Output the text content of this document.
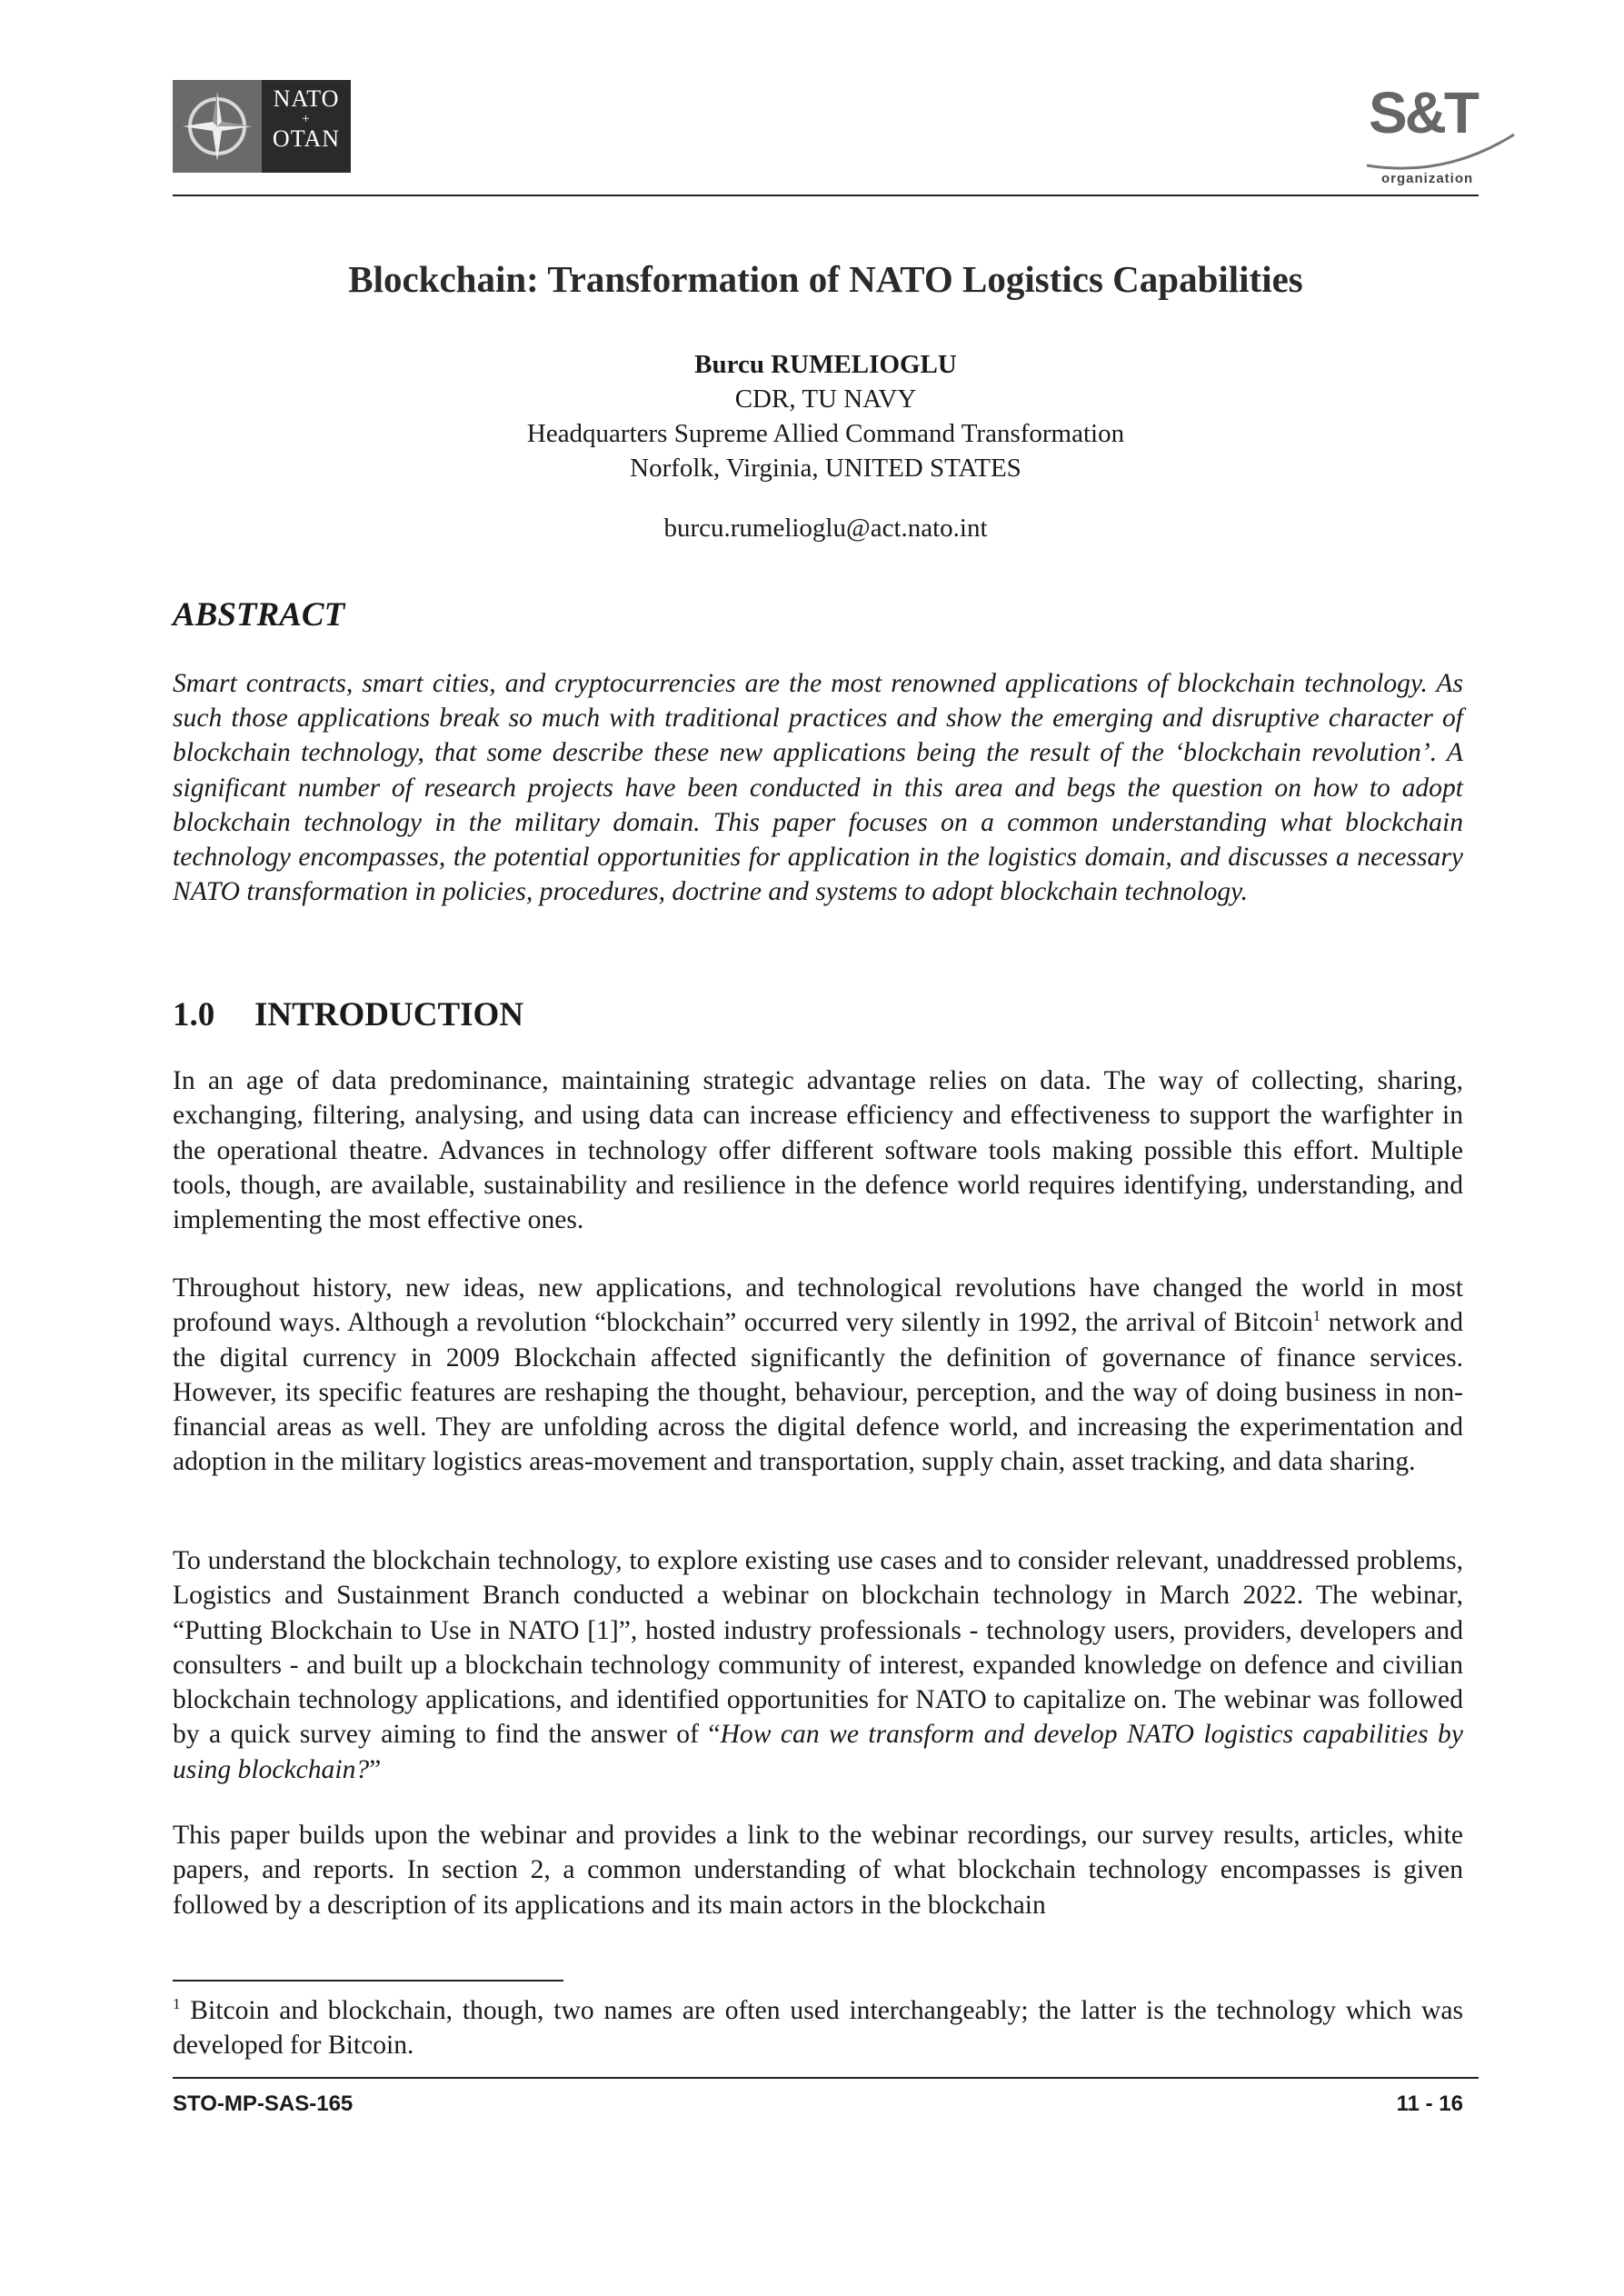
NATO
+
OTAN	S&T
organization
Blockchain: Transformation of NATO Logistics Capabilities
Burcu RUMELIOGLU
CDR, TU NAVY
Headquarters Supreme Allied Command Transformation
Norfolk, Virginia, UNITED STATES
burcu.rumelioglu@act.nato.int
ABSTRACT

Smart contracts, smart cities, and cryptocurrencies are the most renowned applications of blockchain technology. As such those applications break so much with traditional practices and show the emerging and disruptive character of blockchain technology, that some describe these new applications being the result of the ‘blockchain revolution’. A significant number of research projects have been conducted in this area and begs the question on how to adopt blockchain technology in the military domain. This paper focuses on a common understanding what blockchain technology encompasses, the potential opportunities for application in the logistics domain, and discusses a necessary NATO transformation in policies, procedures, doctrine and systems to adopt blockchain technology.

1.0 INTRODUCTION

In an age of data predominance, maintaining strategic advantage relies on data. The way of collecting, sharing, exchanging, filtering, analysing, and using data can increase efficiency and effectiveness to support the warfighter in the operational theatre. Advances in technology offer different software tools making possible this effort. Multiple tools, though, are available, sustainability and resilience in the defence world requires identifying, understanding, and implementing the most effective ones.

Throughout history, new ideas, new applications, and technological revolutions have changed the world in most profound ways. Although a revolution “blockchain” occurred very silently in 1992, the arrival of Bitcoin$^1$ network and the digital currency in 2009 Blockchain affected significantly the definition of governance of finance services. However, its specific features are reshaping the thought, behaviour, perception, and the way of doing business in non-financial areas as well. They are unfolding across the digital defence world, and increasing the experimentation and adoption in the military logistics areas-movement and transportation, supply chain, asset tracking, and data sharing.

To understand the blockchain technology, to explore existing use cases and to consider relevant, unaddressed problems, Logistics and Sustainment Branch conducted a webinar on blockchain technology in March 2022. The webinar, “Putting Blockchain to Use in NATO [1]”, hosted industry professionals - technology users, providers, developers and consulters - and built up a blockchain technology community of interest, expanded knowledge on defence and civilian blockchain technology applications, and identified opportunities for NATO to capitalize on. The webinar was followed by a quick survey aiming to find the answer of “How can we transform and develop NATO logistics capabilities by using blockchain?”

This paper builds upon the webinar and provides a link to the webinar recordings, our survey results, articles, white papers, and reports. In section 2, a common understanding of what blockchain technology encompasses is given followed by a description of its applications and its main actors in the blockchain

$^1$ Bitcoin and blockchain, though, two names are often used interchangeably; the latter is the technology which was developed for Bitcoin.

STO-MP-SAS-165	11 - 16
